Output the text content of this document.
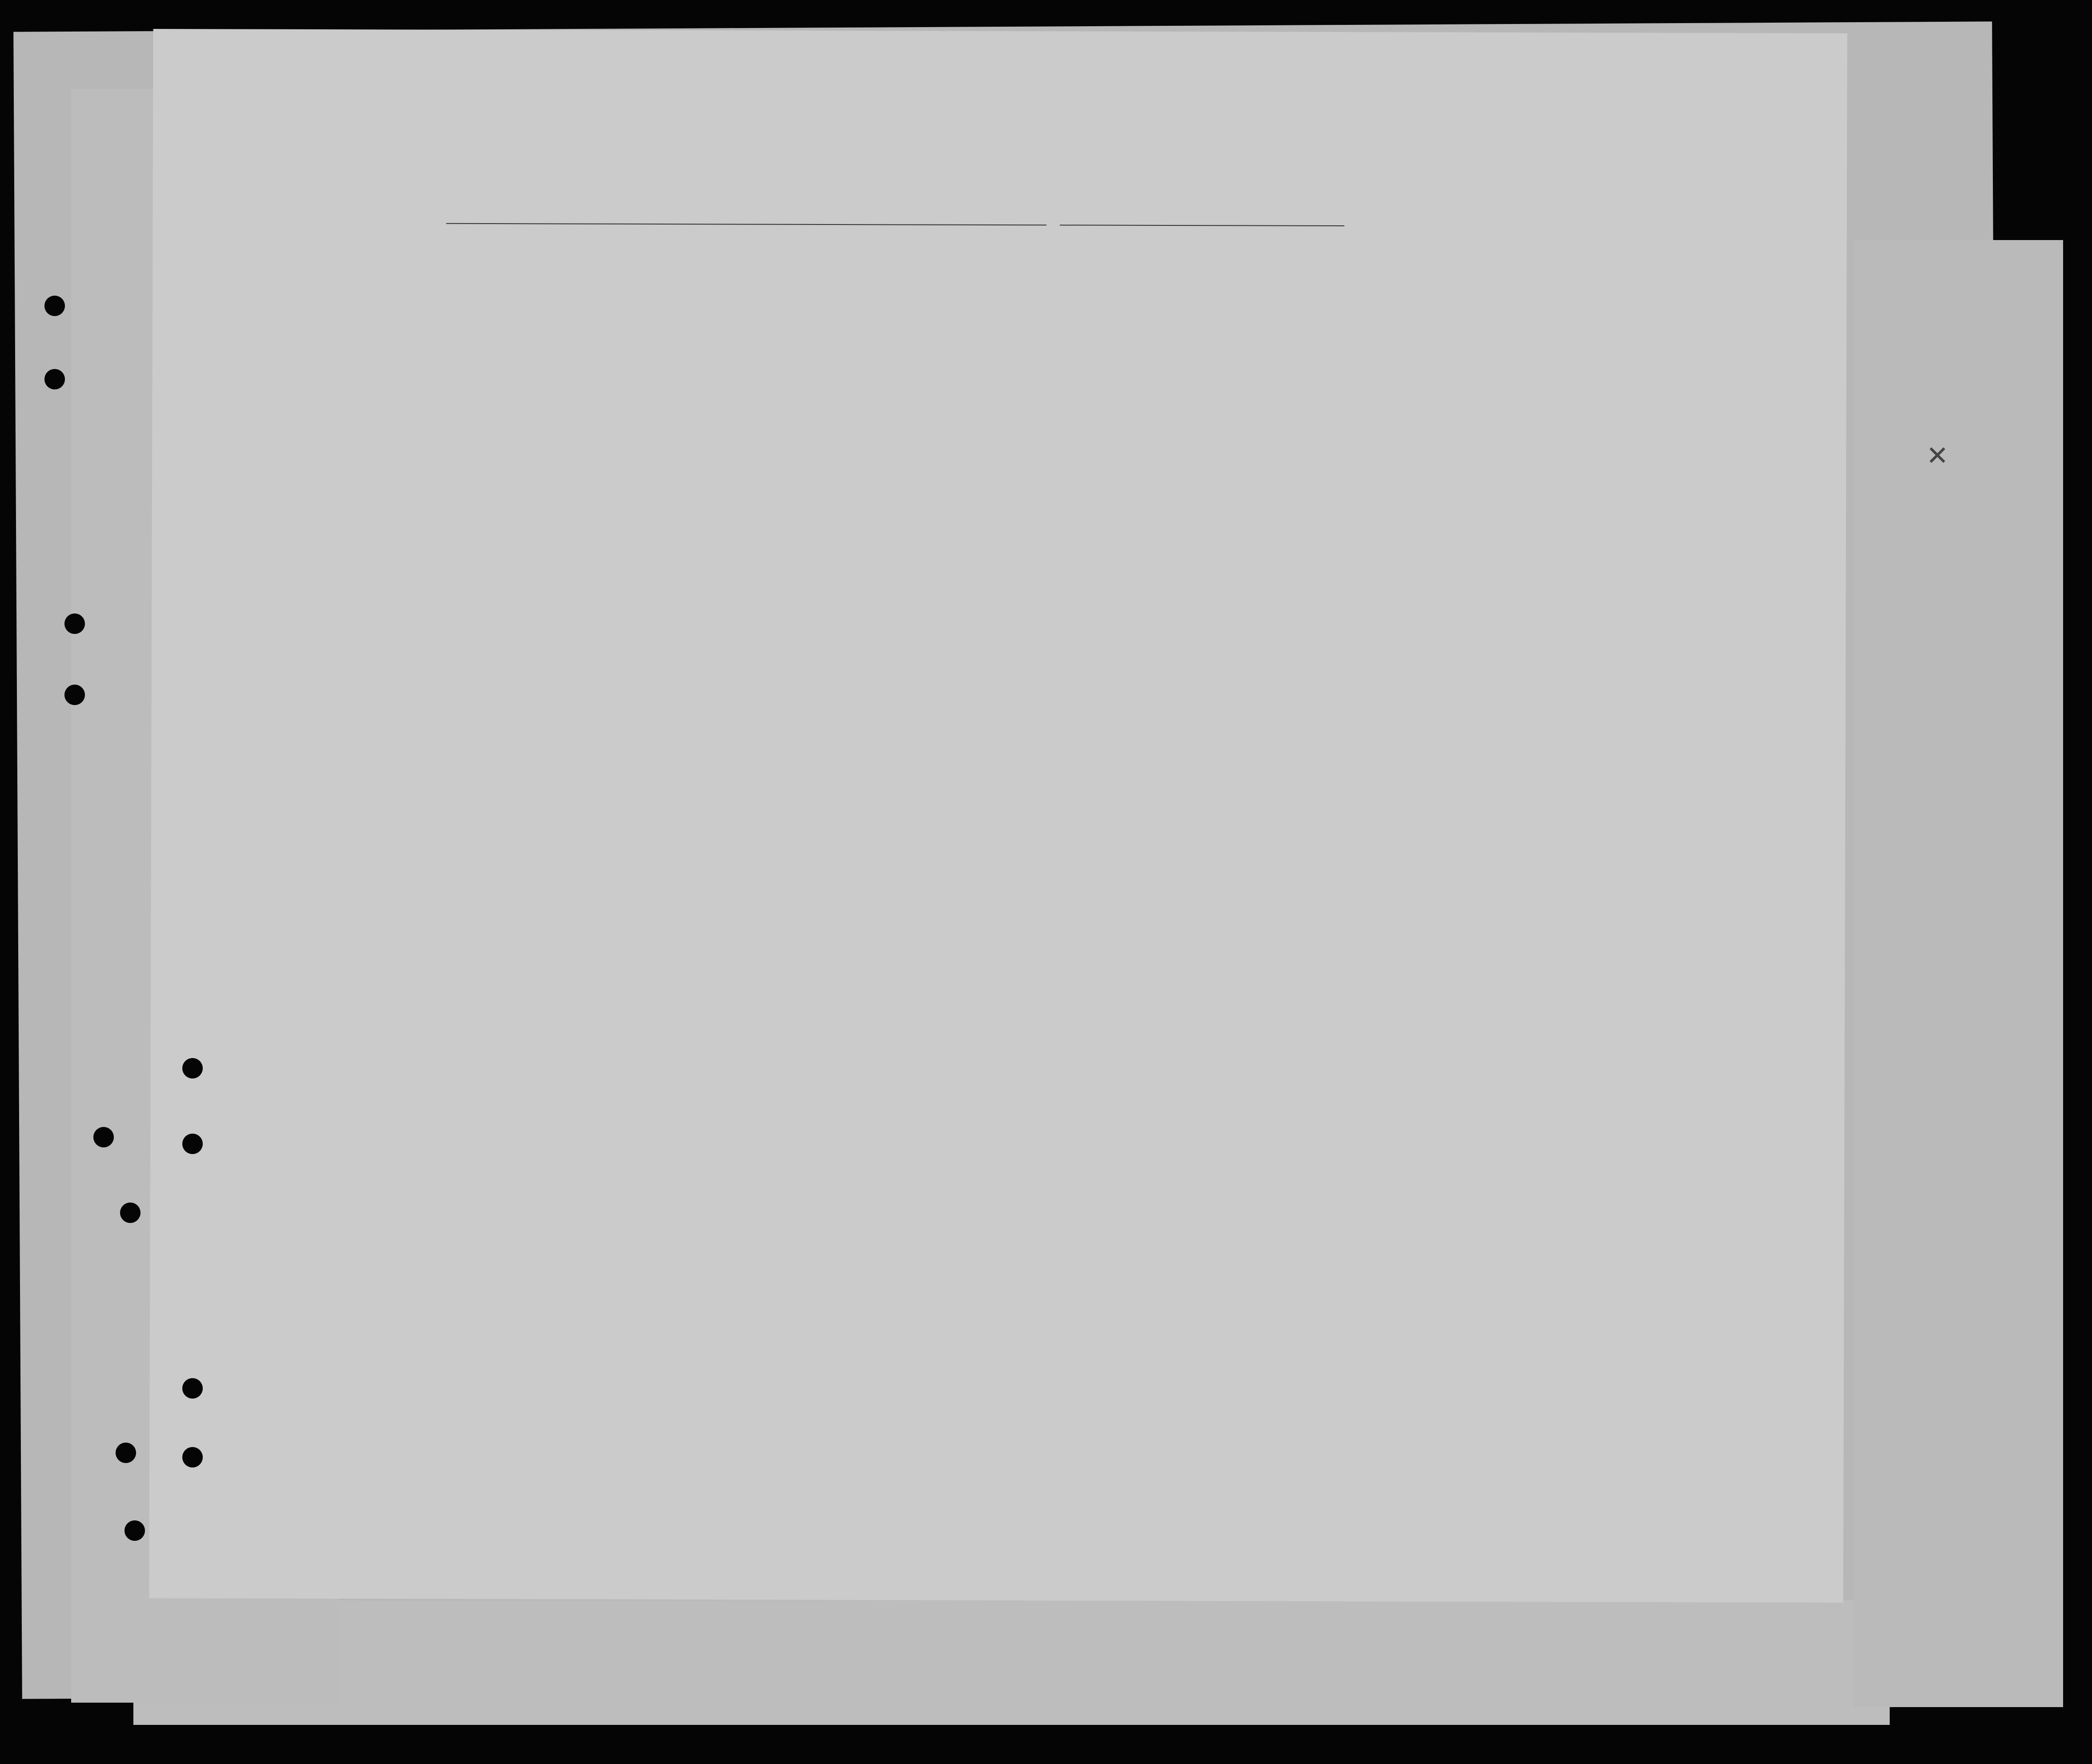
✕
